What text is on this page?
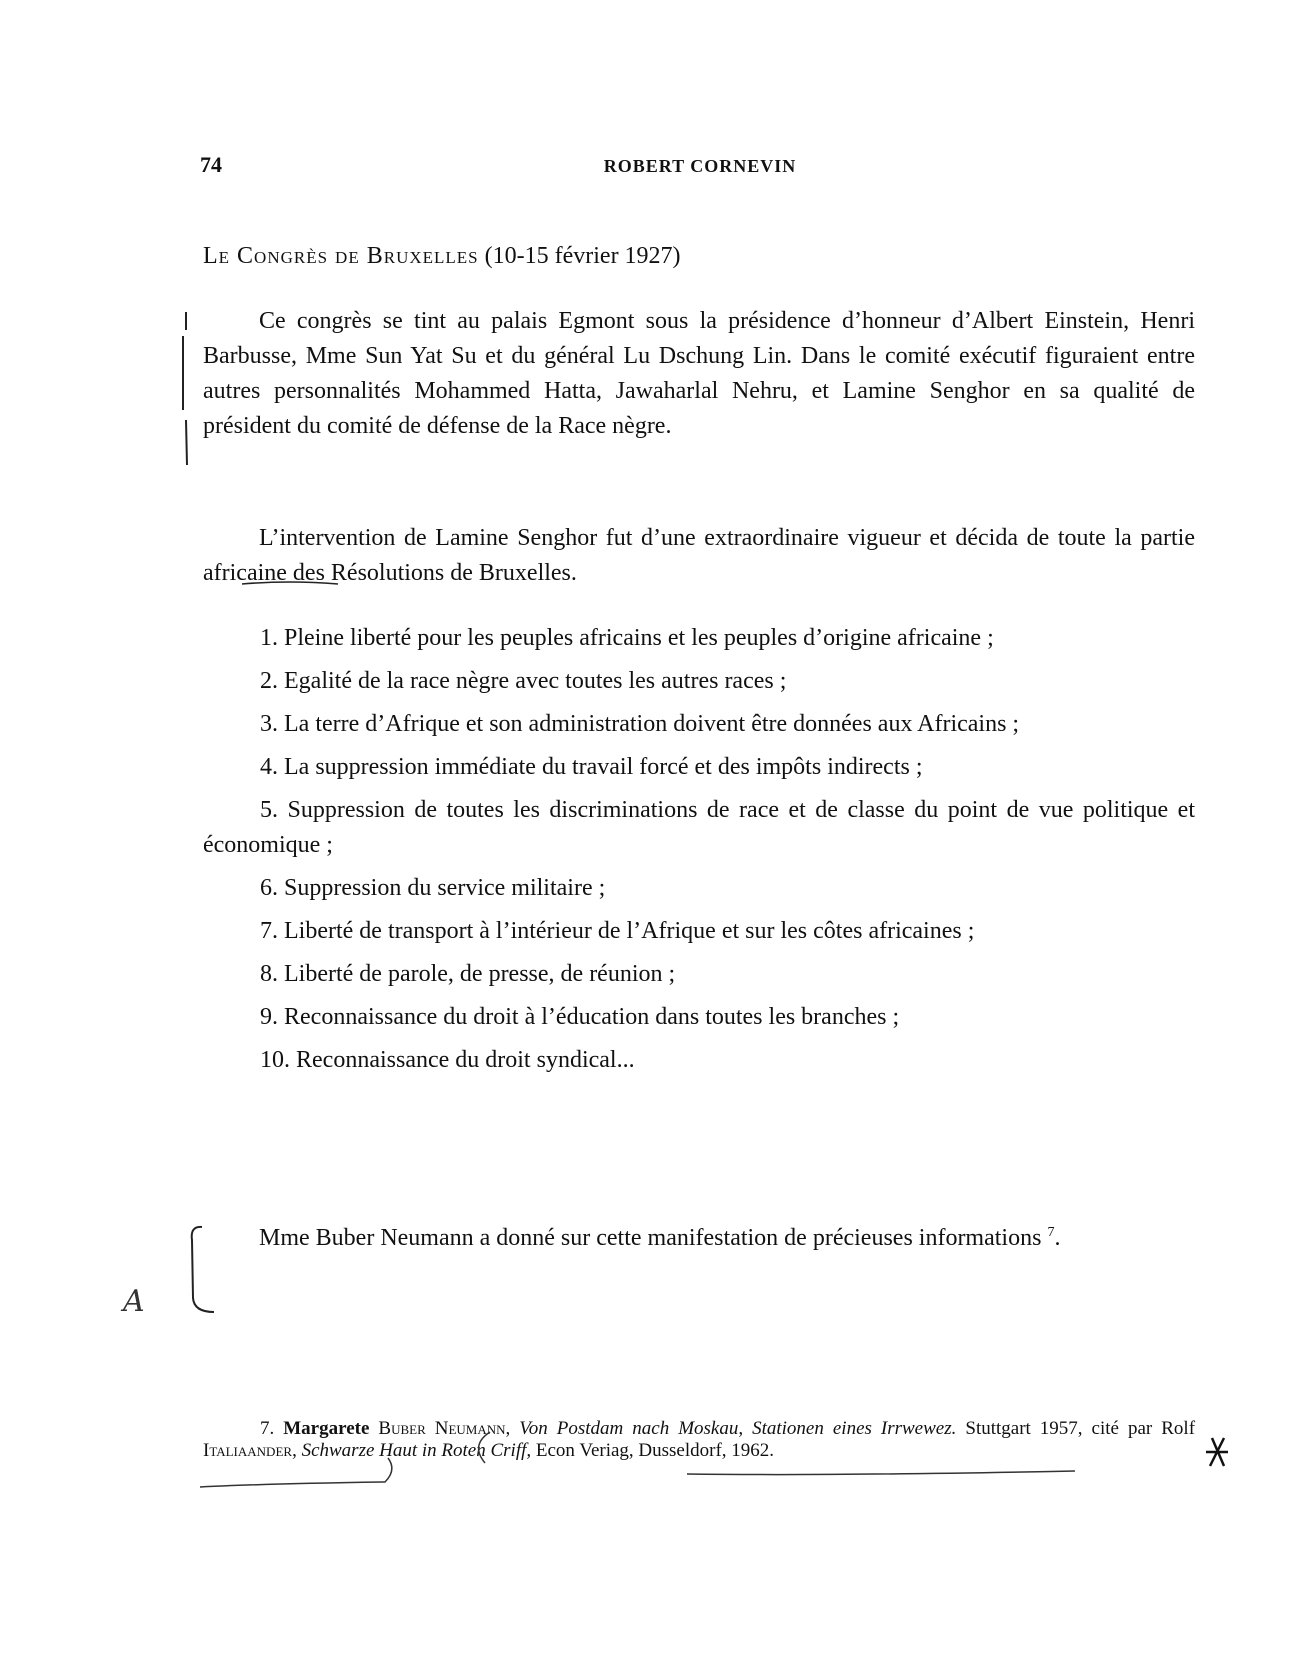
74	ROBERT CORNEVIN
Le Congrès de Bruxelles (10-15 février 1927)

Ce congrès se tint au palais Egmont sous la présidence d’honneur d’Albert Einstein, Henri Barbusse, Mme Sun Yat Su et du général Lu Dschung Lin. Dans le comité exécutif figuraient entre autres personnalités Mohammed Hatta, Jawaharlal Nehru, et Lamine Senghor en sa qualité de président du comité de défense de la Race nègre.

L’intervention de Lamine Senghor fut d’une extraordinaire vigueur et décida de toute la partie africaine des Résolutions de Bruxelles.

1. Pleine liberté pour les peuples africains et les peuples d’origine africaine ;

2. Egalité de la race nègre avec toutes les autres races ;

3. La terre d’Afrique et son administration doivent être données aux Africains ;

4. La suppression immédiate du travail forcé et des impôts indirects ;

5. Suppression de toutes les discriminations de race et de classe du point de vue politique et économique ;

6. Suppression du service militaire ;

7. Liberté de transport à l’intérieur de l’Afrique et sur les côtes africaines ;

8. Liberté de parole, de presse, de réunion ;

9. Reconnaissance du droit à l’éducation dans toutes les branches ;

10. Reconnaissance du droit syndical...

Mme Buber Neumann a donné sur cette manifestation de précieuses informations $^7$.

7. Margarete Buber Neumann, Von Postdam nach Moskau, Stationen eines Irrwewez. Stuttgart 1957, cité par Rolf Italiaander, Schwarze Haut in Roten Criff, Econ Veriag, Dusseldorf, 1962.

A
